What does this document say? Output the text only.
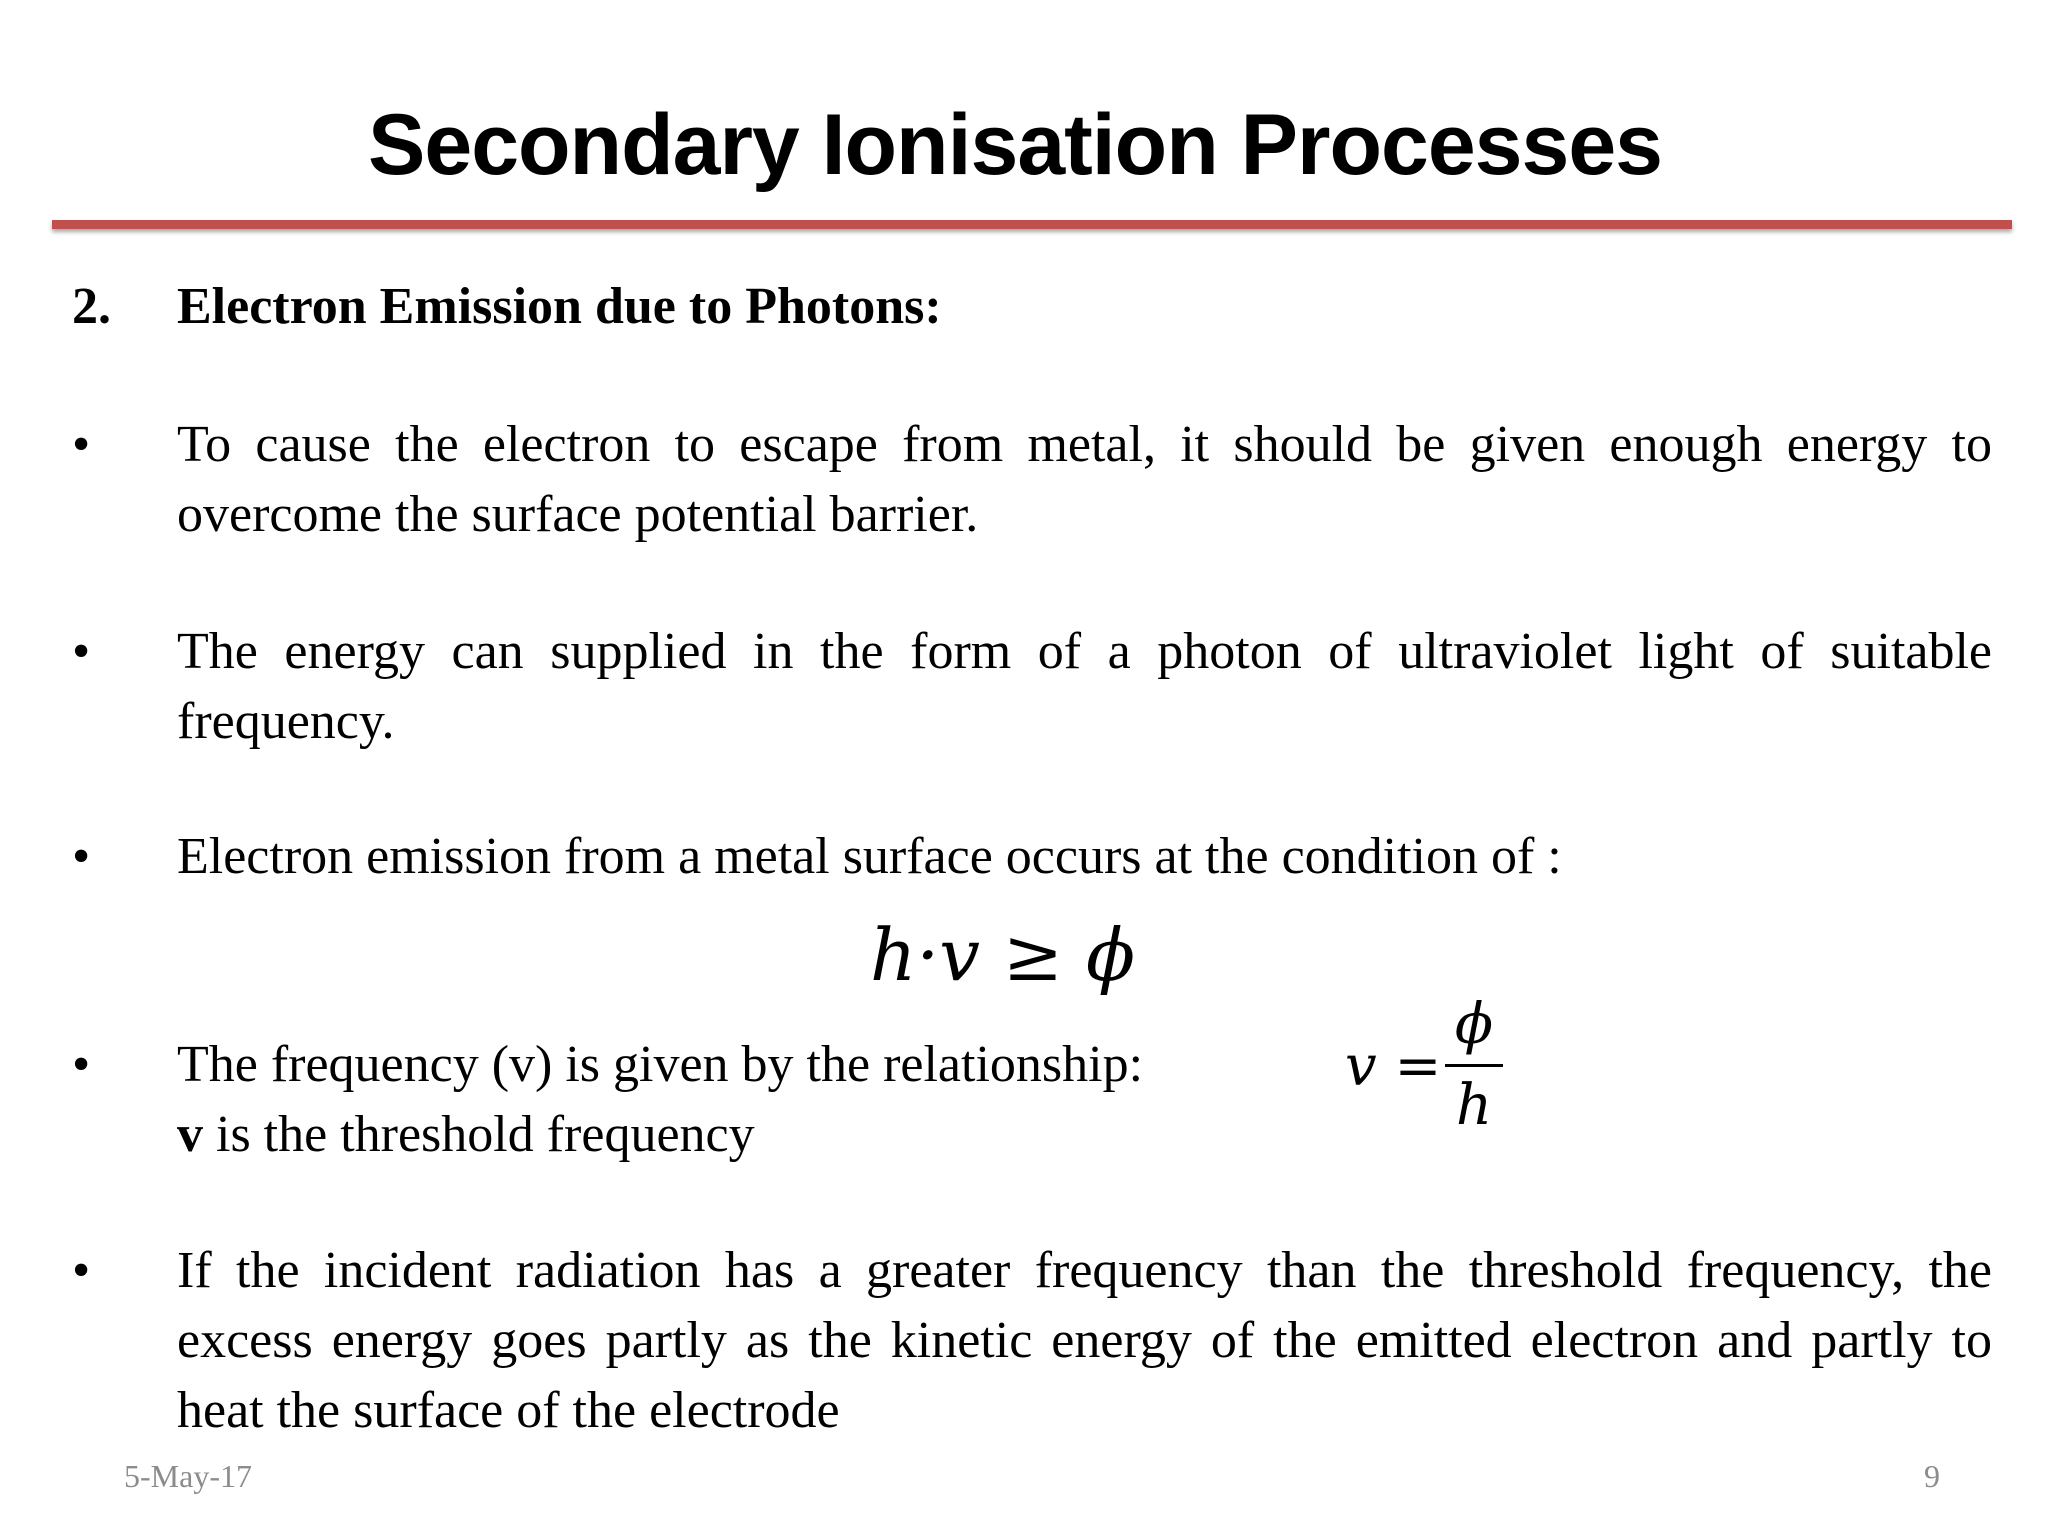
Secondary Ionisation Processes
2. Electron Emission due to Photons:
•	To cause the electron to escape from metal, it should be given enough energy to overcome the surface potential barrier.
•	The energy can supplied in the form of a photon of ultraviolet light of suitable frequency.
•	Electron emission from a metal surface occurs at the condition of :
h·v ≥ ϕ
•	The frequency (v) is given by the relationship:
v is the threshold frequency
v =
ϕ
h
•	If the incident radiation has a greater frequency than the threshold frequency, the excess energy goes partly as the kinetic energy of the emitted electron and partly to heat the surface of the electrode
5-May-17	9
